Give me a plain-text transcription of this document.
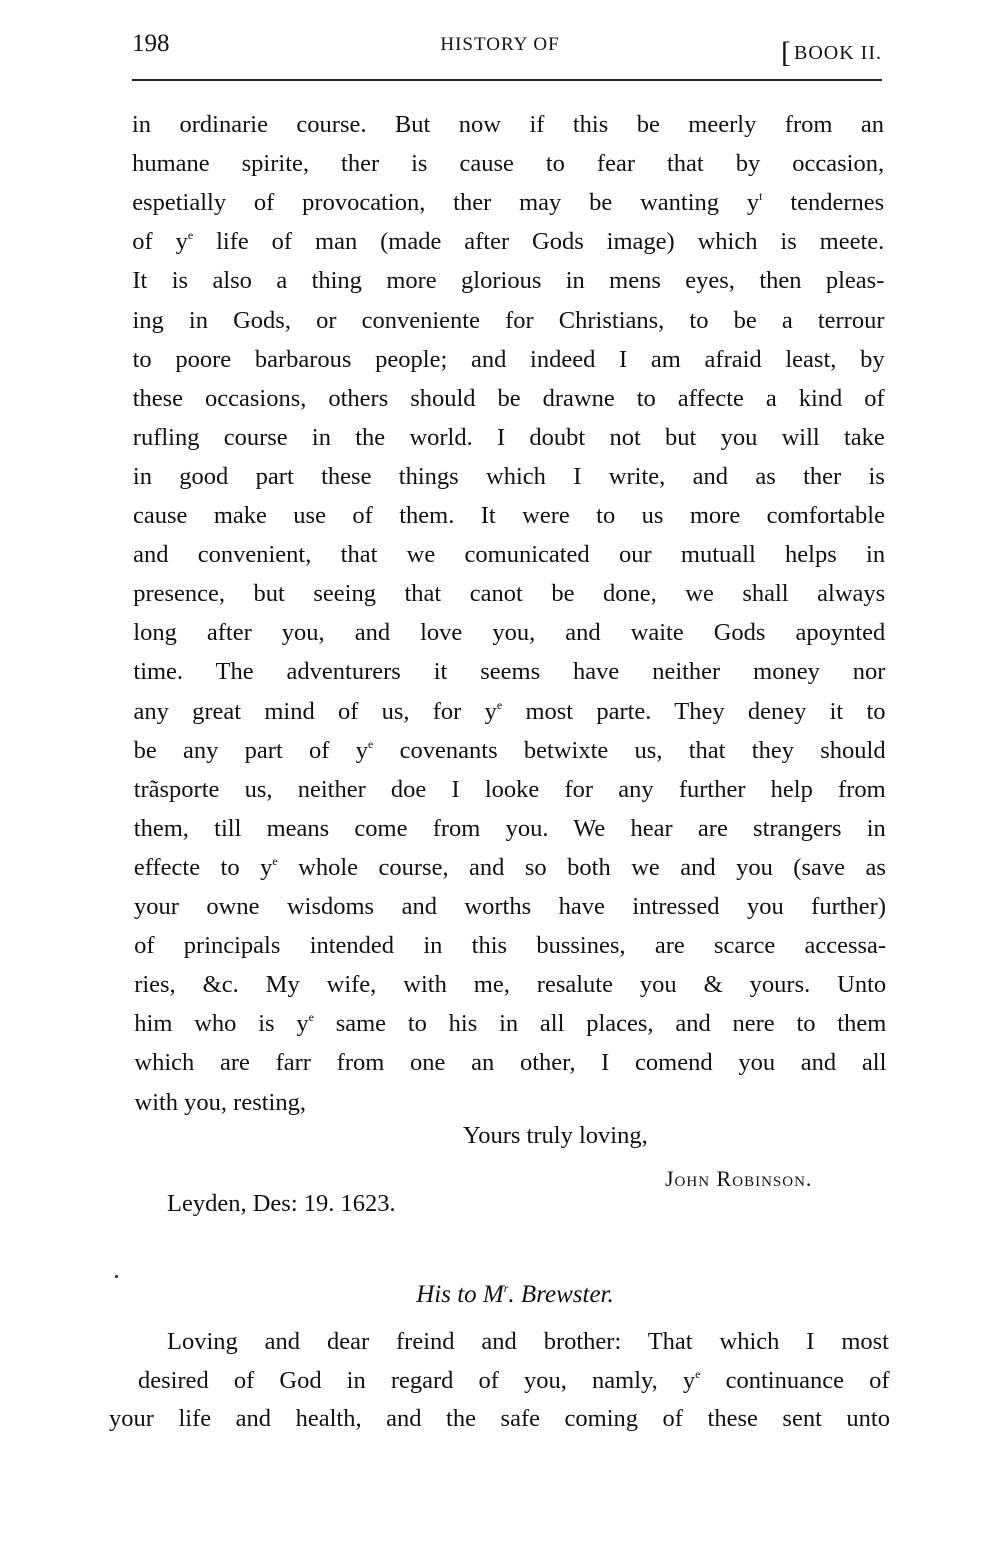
198	HISTORY OF	[ BOOK II.
in ordinarie course. But now if this be meerly from an
humane spirite, ther is cause to fear that by occasion,
espetially of provocation, ther may be wanting $y^t$ tendernes
of $y^e$ life of man (made after Gods image) which is meete.
It is also a thing more glorious in mens eyes, then pleas-
ing in Gods, or conveniente for Christians, to be a terrour
to poore barbarous people; and indeed I am afraid least, by
these occasions, others should be drawne to affecte a kind of
rufling course in the world. I doubt not but you will take
in good part these things which I write, and as ther is
cause make use of them. It were to us more comfortable
and convenient, that we comunicated our mutuall helps in
presence, but seeing that canot be done, we shall always
long after you, and love you, and waite Gods apoynted
time. The adventurers it seems have neither money nor
any great mind of us, for $y^e$ most parte. They deney it to
be any part of $y^e$ covenants betwixte us, that they should
trãsporte us, neither doe I looke for any further help from
them, till means come from you. We hear are strangers in
effecte to $y^e$ whole course, and so both we and you (save as
your owne wisdoms and worths have intressed you further)
of principals intended in this bussines, are scarce accessa-
ries, &c. My wife, with me, resalute you & yours. Unto
him who is $y^e$ same to his in all places, and nere to them
which are farr from one an other, I comend you and all
with you, resting,
Yours truly loving,
John Robinson.
Leyden, Des: 19. 1623.
His to $M^r$. Brewster.
Loving and dear freind and brother: That which I most
desired of God in regard of you, namly, $y^e$ continuance of
your life and health, and the safe coming of these sent unto
